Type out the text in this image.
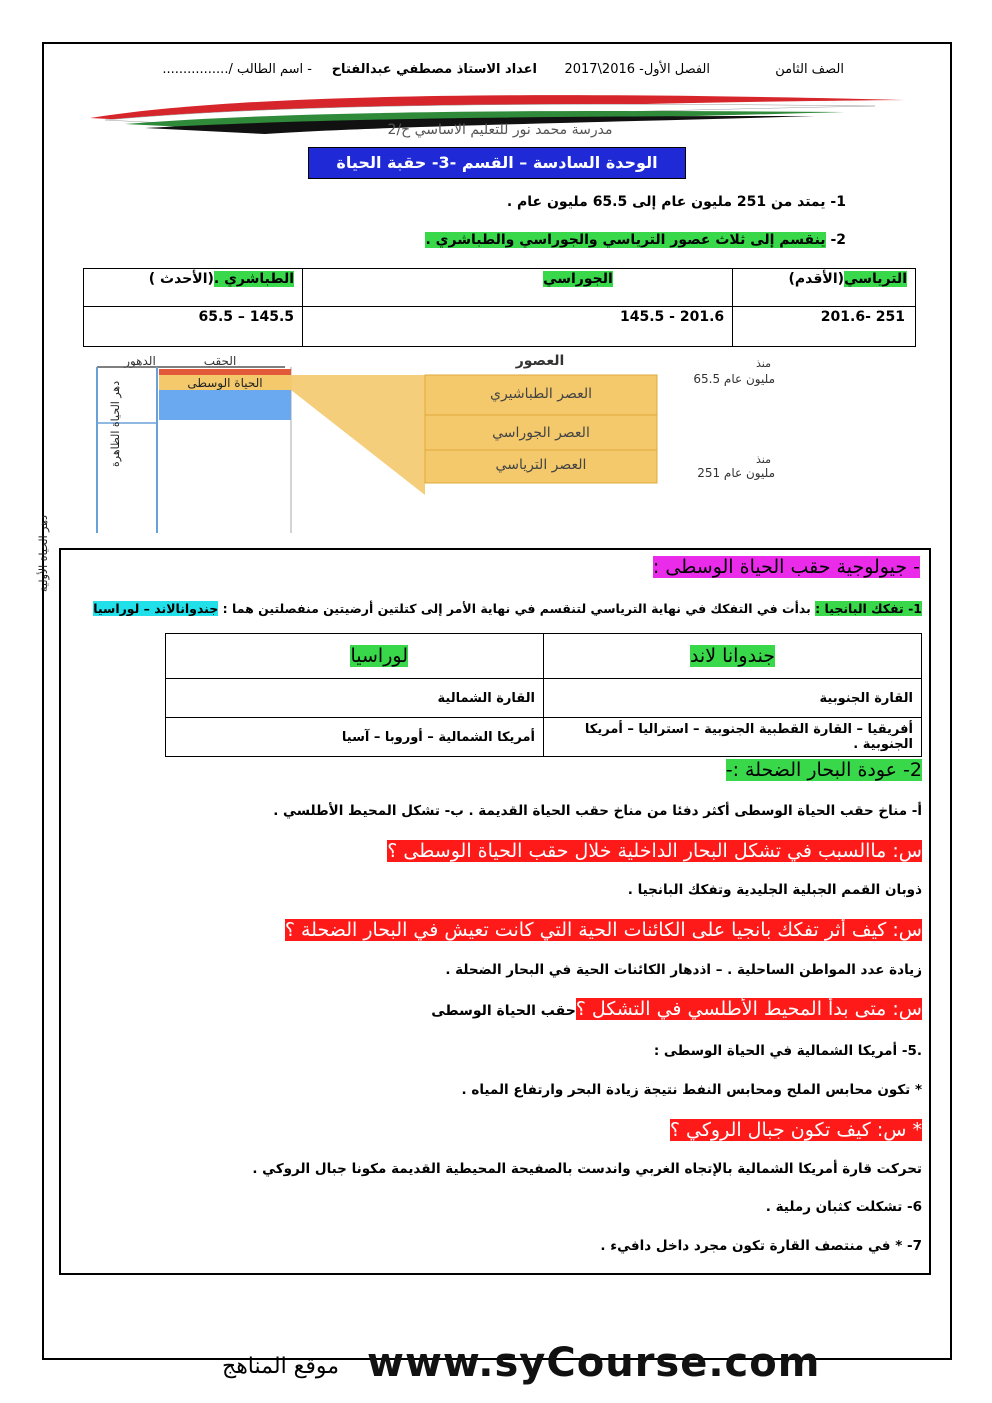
الصف الثامن
الفصل الأول- 2016\2017
اعداد الاستاذ مصطفي عبدالفتاح
- اسم الطالب /................
مدرسة محمد نور للتعليم الاساسي ح/2
الوحدة السادسة – القسم -3- حقبة الحياة الوسطى
1- يمتد من 251 مليون عام إلى 65.5 مليون عام .
2- ينقسم إلى ثلاث عصور الترياسي والجوراسي والطباشري .
الترياسي(الأقدم)	الجوراسي	الطباشري .(الأحدث )
251 -201.6	201.6 - 145.5	145.5 – 65.5
الدهور	الحقب	العصور
دهر الحياة الظاهرة
دهر الحياة الأولية
الحياة الوسطى
العصر الطباشيري
العصر الجوراسي
العصر الترياسي
منذ
65.5 مليون عام
منذ
251 مليون عام
- جيولوجية حقب الحياة الوسطى :
1- تفكك البانجيا : بدأت في التفكك في نهاية الترياسي لتنقسم في نهاية الأمر إلى كتلتين أرضيتين منفصلتين هما : جندوانالاند – لوراسيا
جندوانا لاند	لوراسيا
القارة الجنوبية	القارة الشمالية
أفريقيا – القارة القطبية الجنوبية – استراليا – أمريكا الجنوبية .	أمريكا الشمالية – أوروبا – آسيا
2- عودة البحار الضحلة :-
أ- مناخ حقب الحياة الوسطى أكثر دفئا من مناخ حقب الحياة القديمة . ب- تشكل المحيط الأطلسي .
س: ماالسبب في تشكل البحار الداخلية خلال حقب الحياة الوسطى ؟
ذوبان القمم الجبلية الجليدية وتفكك البانجيا .
س: كيف أثر تفكك بانجيا على الكائنات الحية التي كانت تعيش في البحار الضحلة ؟
زيادة عدد المواطن الساحلية . – اذدهار الكائنات الحية في البحار الضحلة .
س: متى بدأ المحيط الأطلسي في التشكل ؟حقب الحياة الوسطى
.5- أمريكا الشمالية في الحياة الوسطى :
* تكون محابس الملح ومحابس النفط نتيجة زيادة البحر وارتفاع المياه .
* س: كيف تكون جبال الروكي ؟
تحركت قارة أمريكا الشمالية بالإتجاه الغربي واندست بالصفيحة المحيطية القديمة مكونا جبال الروكي .
6- تشكلت كثبان رملية .
7- * في منتصف القارة تكون مجرد داخل دافيء .
موقع المناهج www.syCourse.com
